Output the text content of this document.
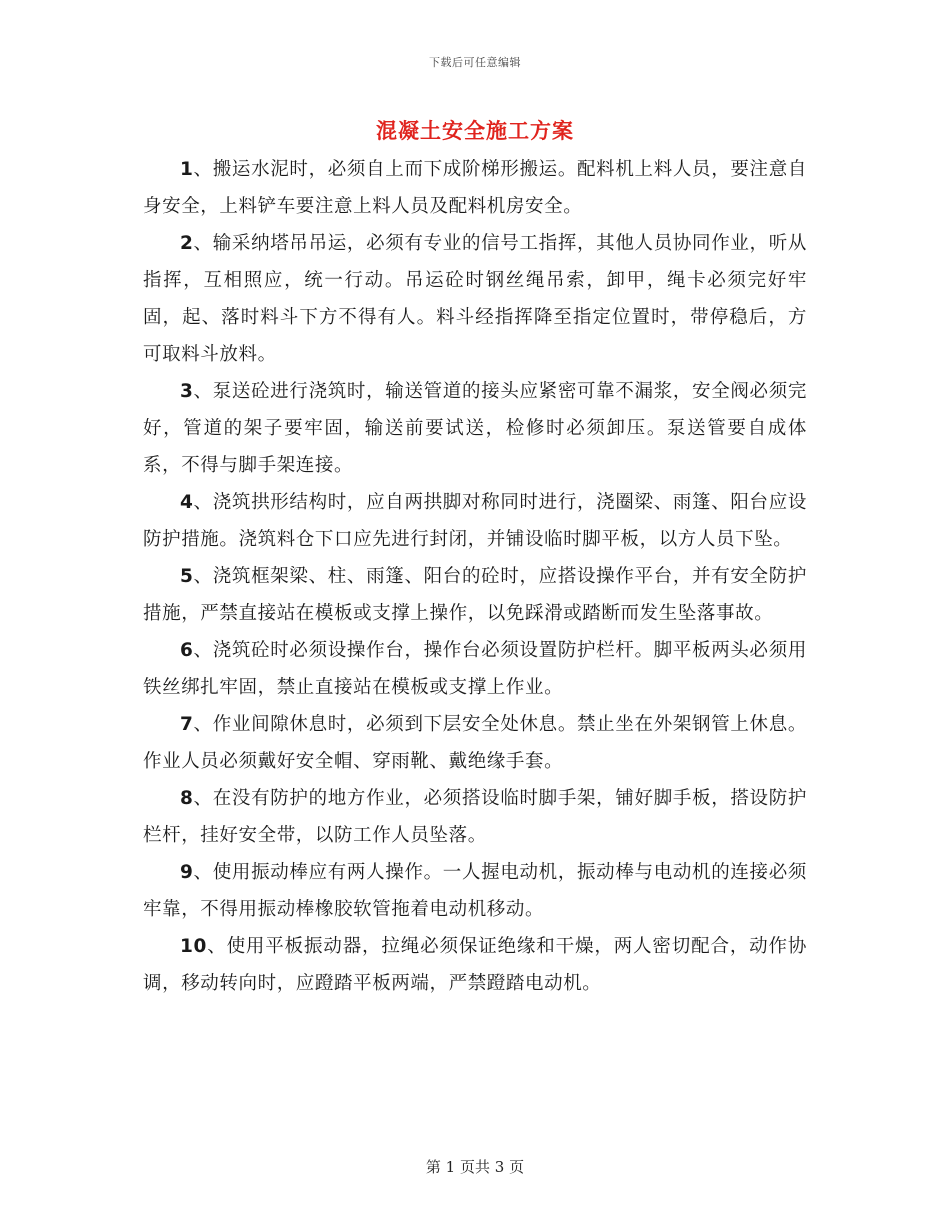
下载后可任意编辑
混凝土安全施工方案

1、搬运水泥时，必须自上而下成阶梯形搬运。配料机上料人员，要注意自身安全，上料铲车要注意上料人员及配料机房安全。

2、输采纳塔吊吊运，必须有专业的信号工指挥，其他人员协同作业，听从指挥，互相照应，统一行动。吊运砼时钢丝绳吊索，卸甲，绳卡必须完好牢固，起、落时料斗下方不得有人。料斗经指挥降至指定位置时，带停稳后，方可取料斗放料。

3、泵送砼进行浇筑时，输送管道的接头应紧密可靠不漏浆，安全阀必须完好，管道的架子要牢固，输送前要试送，检修时必须卸压。泵送管要自成体系，不得与脚手架连接。

4、浇筑拱形结构时，应自两拱脚对称同时进行，浇圈梁、雨篷、阳台应设防护措施。浇筑料仓下口应先进行封闭，并铺设临时脚平板，以方人员下坠。

5、浇筑框架梁、柱、雨篷、阳台的砼时，应搭设操作平台，并有安全防护措施，严禁直接站在模板或支撑上操作，以免踩滑或踏断而发生坠落事故。

6、浇筑砼时必须设操作台，操作台必须设置防护栏杆。脚平板两头必须用铁丝绑扎牢固，禁止直接站在模板或支撑上作业。

7、作业间隙休息时，必须到下层安全处休息。禁止坐在外架钢管上休息。作业人员必须戴好安全帽、穿雨靴、戴绝缘手套。

8、在没有防护的地方作业，必须搭设临时脚手架，铺好脚手板，搭设防护栏杆，挂好安全带，以防工作人员坠落。

9、使用振动棒应有两人操作。一人握电动机，振动棒与电动机的连接必须牢靠，不得用振动棒橡胶软管拖着电动机移动。

10、使用平板振动器，拉绳必须保证绝缘和干燥，两人密切配合，动作协调，移动转向时，应蹬踏平板两端，严禁蹬踏电动机。

第 1 页共 3 页
